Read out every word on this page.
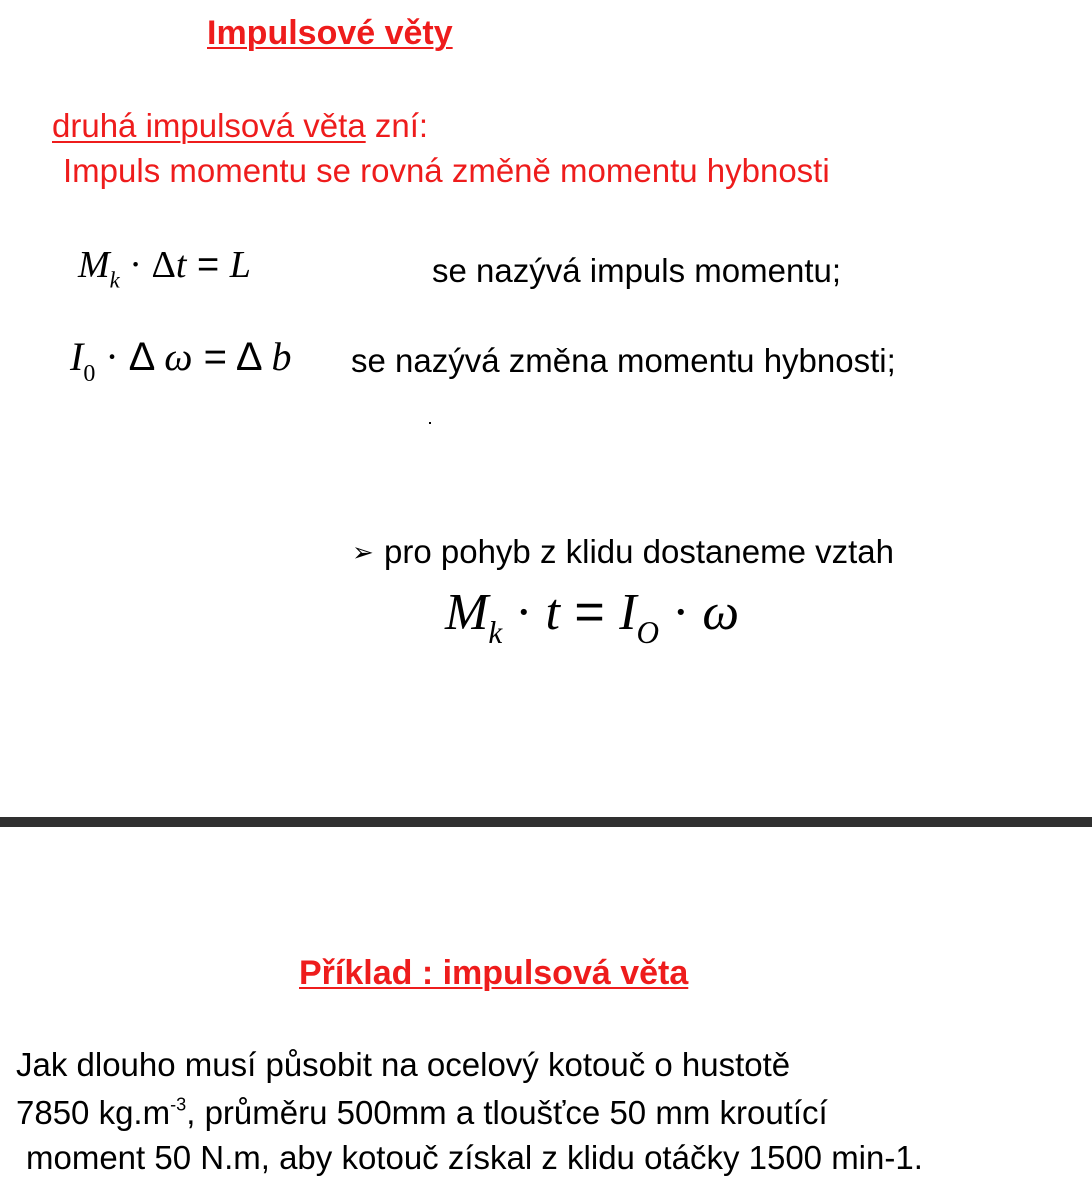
Impulsové věty
druhá impulsová věta zní:
Impuls momentu se rovná změně momentu hybnosti
$M_k \cdot \Delta t = L$	se nazývá impuls momentu;
$I_0 \cdot \Delta$ ω = Δ b se nazývá změna momentu hybnosti;
➢ pro pohyb z klidu dostaneme vztah
$M_k \cdot t = I_O \cdot \omega$
Příklad : impulsová věta
Jak dlouho musí působit na ocelový kotouč o hustotě
7850 $kg.m^{-3}$, průměru 500mm a tloušťce 50 mm kroutící
moment 50 N.m, aby kotouč získal z klidu otáčky 1500 min-1.
